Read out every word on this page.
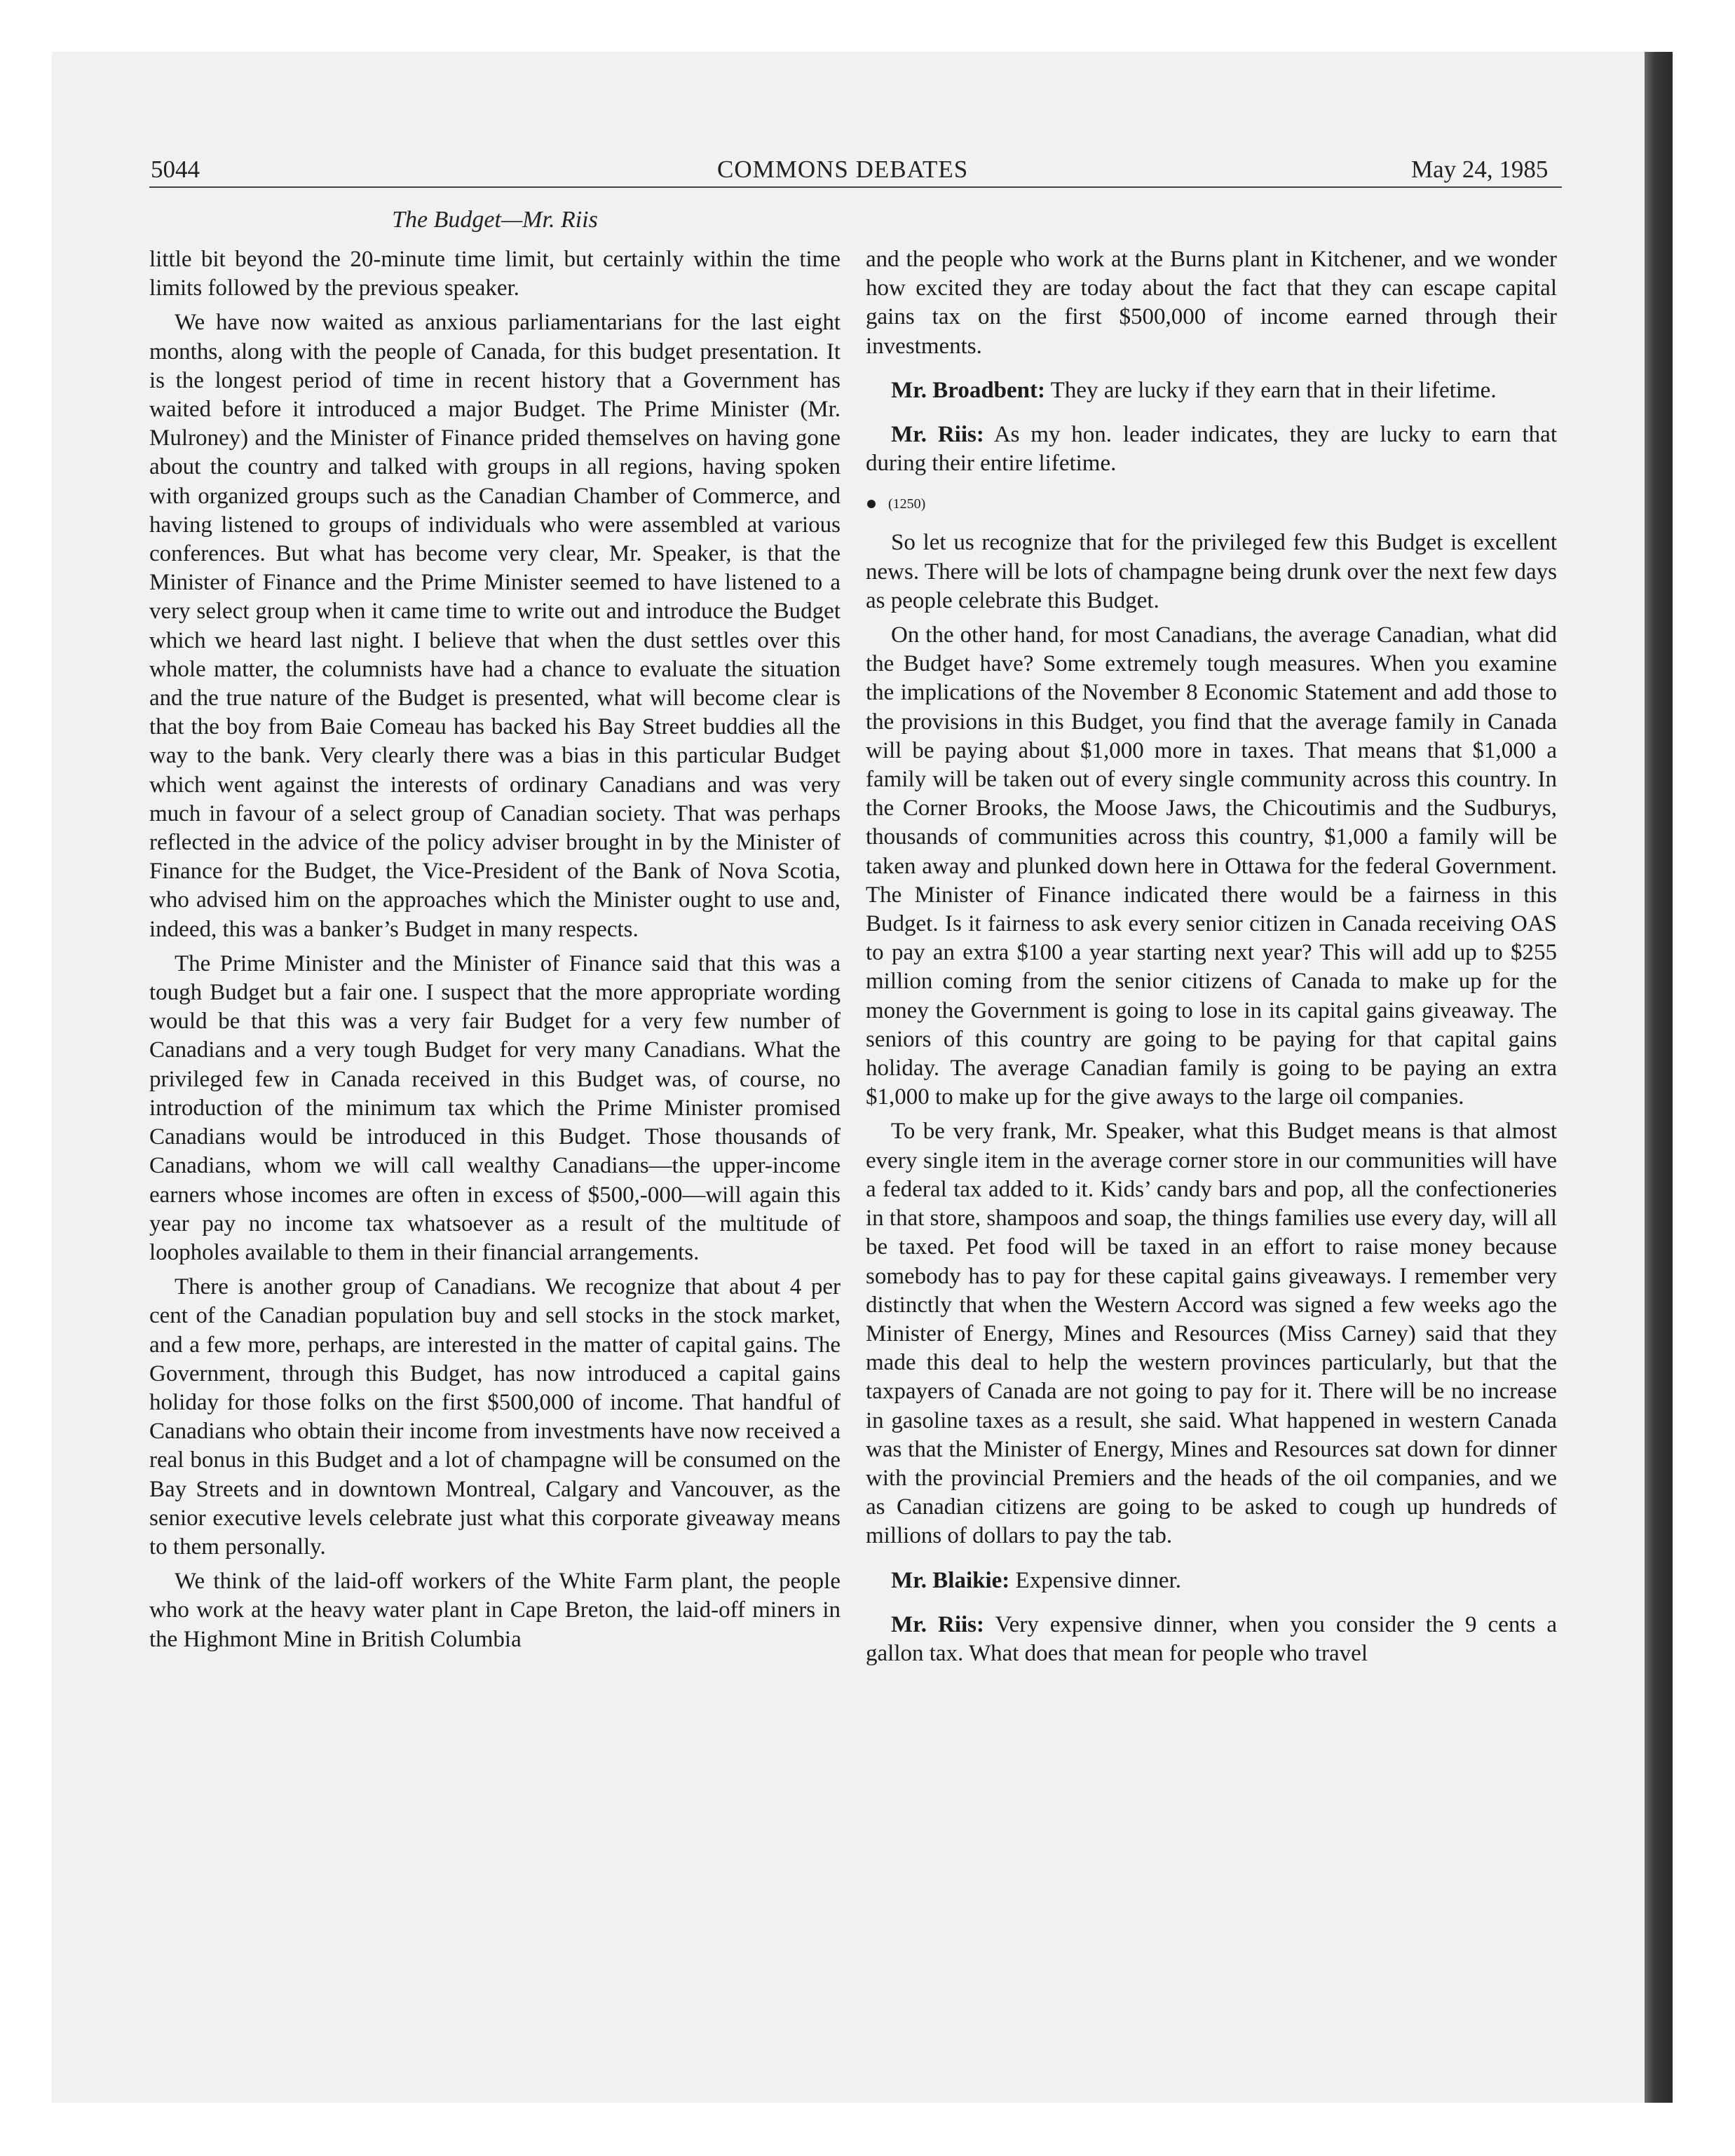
5044	COMMONS DEBATES	May 24, 1985
The Budget—Mr. Riis

little bit beyond the 20-minute time limit, but certainly within the time limits followed by the previous speaker.

We have now waited as anxious parliamentarians for the last eight months, along with the people of Canada, for this budget presentation. It is the longest period of time in recent history that a Government has waited before it introduced a major Budget. The Prime Minister (Mr. Mulroney) and the Minister of Finance prided themselves on having gone about the country and talked with groups in all regions, having spoken with organized groups such as the Canadian Chamber of Commerce, and having listened to groups of individuals who were assembled at various conferences. But what has become very clear, Mr. Speaker, is that the Minister of Finance and the Prime Minister seemed to have listened to a very select group when it came time to write out and introduce the Budget which we heard last night. I believe that when the dust settles over this whole matter, the columnists have had a chance to evaluate the situation and the true nature of the Budget is presented, what will become clear is that the boy from Baie Comeau has backed his Bay Street buddies all the way to the bank. Very clearly there was a bias in this particular Budget which went against the interests of ordinary Canadians and was very much in favour of a select group of Canadian society. That was perhaps reflected in the advice of the policy adviser brought in by the Minister of Finance for the Budget, the Vice-President of the Bank of Nova Scotia, who advised him on the approaches which the Minister ought to use and, indeed, this was a banker’s Budget in many respects.

The Prime Minister and the Minister of Finance said that this was a tough Budget but a fair one. I suspect that the more appropriate wording would be that this was a very fair Budget for a very few number of Canadians and a very tough Budget for very many Canadians. What the privileged few in Canada received in this Budget was, of course, no introduction of the minimum tax which the Prime Minister promised Canadians would be introduced in this Budget. Those thousands of Canadians, whom we will call wealthy Canadians—the upper-income earners whose incomes are often in excess of $500,-000—will again this year pay no income tax whatsoever as a result of the multitude of loopholes available to them in their financial arrangements.

There is another group of Canadians. We recognize that about 4 per cent of the Canadian population buy and sell stocks in the stock market, and a few more, perhaps, are interested in the matter of capital gains. The Government, through this Budget, has now introduced a capital gains holiday for those folks on the first $500,000 of income. That handful of Canadians who obtain their income from investments have now received a real bonus in this Budget and a lot of champagne will be consumed on the Bay Streets and in downtown Montreal, Calgary and Vancouver, as the senior executive levels celebrate just what this corporate giveaway means to them personally.

We think of the laid-off workers of the White Farm plant, the people who work at the heavy water plant in Cape Breton, the laid-off miners in the Highmont Mine in British Columbia

and the people who work at the Burns plant in Kitchener, and we wonder how excited they are today about the fact that they can escape capital gains tax on the first $500,000 of income earned through their investments.

Mr. Broadbent: They are lucky if they earn that in their lifetime.

Mr. Riis: As my hon. leader indicates, they are lucky to earn that during their entire lifetime.

(1250)

So let us recognize that for the privileged few this Budget is excellent news. There will be lots of champagne being drunk over the next few days as people celebrate this Budget.

On the other hand, for most Canadians, the average Canadian, what did the Budget have? Some extremely tough measures. When you examine the implications of the November 8 Economic Statement and add those to the provisions in this Budget, you find that the average family in Canada will be paying about $1,000 more in taxes. That means that $1,000 a family will be taken out of every single community across this country. In the Corner Brooks, the Moose Jaws, the Chicoutimis and the Sudburys, thousands of communities across this country, $1,000 a family will be taken away and plunked down here in Ottawa for the federal Government. The Minister of Finance indicated there would be a fairness in this Budget. Is it fairness to ask every senior citizen in Canada receiving OAS to pay an extra $100 a year starting next year? This will add up to $255 million coming from the senior citizens of Canada to make up for the money the Government is going to lose in its capital gains giveaway. The seniors of this country are going to be paying for that capital gains holiday. The average Canadian family is going to be paying an extra $1,000 to make up for the give aways to the large oil companies.

To be very frank, Mr. Speaker, what this Budget means is that almost every single item in the average corner store in our communities will have a federal tax added to it. Kids’ candy bars and pop, all the confectioneries in that store, shampoos and soap, the things families use every day, will all be taxed. Pet food will be taxed in an effort to raise money because somebody has to pay for these capital gains giveaways. I remember very distinctly that when the Western Accord was signed a few weeks ago the Minister of Energy, Mines and Resources (Miss Carney) said that they made this deal to help the western provinces particularly, but that the taxpayers of Canada are not going to pay for it. There will be no increase in gasoline taxes as a result, she said. What happened in western Canada was that the Minister of Energy, Mines and Resources sat down for dinner with the provincial Premiers and the heads of the oil companies, and we as Canadian citizens are going to be asked to cough up hundreds of millions of dollars to pay the tab.

Mr. Blaikie: Expensive dinner.

Mr. Riis: Very expensive dinner, when you consider the 9 cents a gallon tax. What does that mean for people who travel
